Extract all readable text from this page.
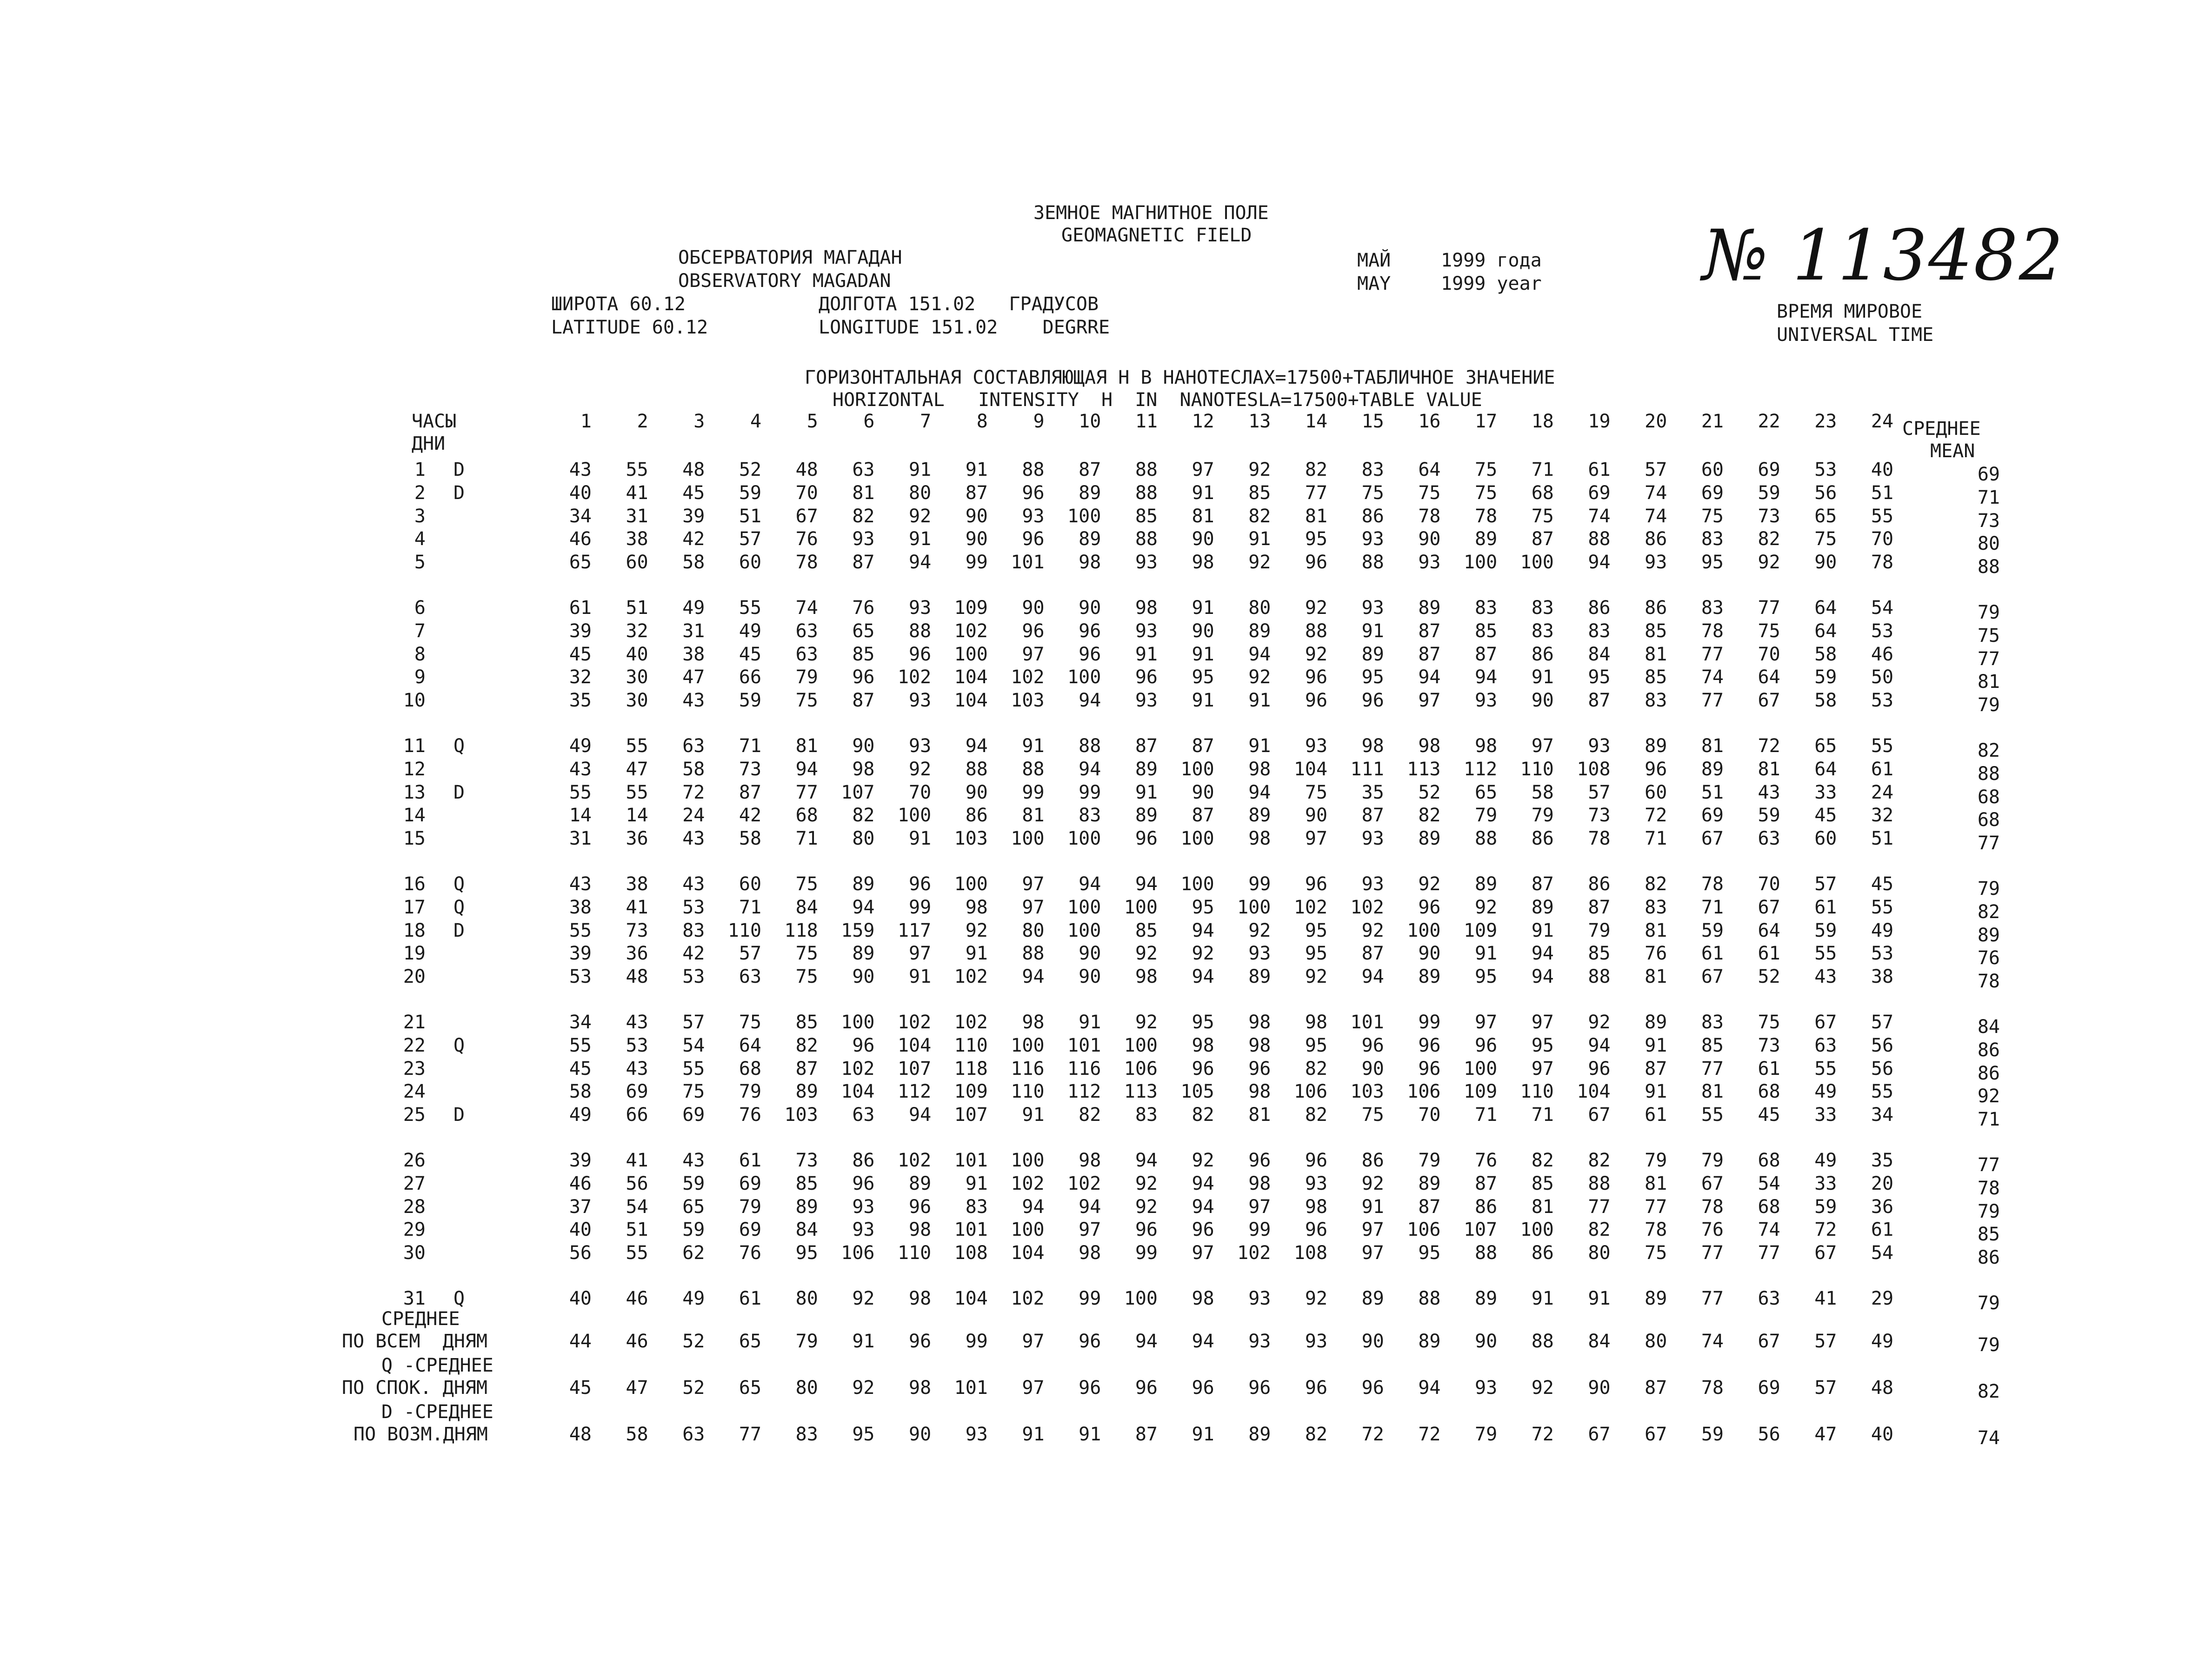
ЗЕМНОЕ МАГНИТНОЕ ПОЛЕ
GEOMAGNETIC FIELD
ОБСЕРВАТОРИЯ МАГАДАН
OBSERVATORY MAGADAN
МАЙ	1999 года
MAY	1999 year № 113482
ШИРОТА 60.12	ДОЛГОТА 151.02   ГРАДУСОВ
LATITUDE 60.12	LONGITUDE 151.02    DEGRRE
ВРЕМЯ МИРОВОЕ
UNIVERSAL TIME
ГОРИЗОНТАЛЬНАЯ СОСТАВЛЯЮЩАЯ H В НАНОТЕСЛАХ=17500+ТАБЛИЧНОЕ ЗНАЧЕНИЕ
HORIZONTAL   INTENSITY  H  IN  NANOTESLA=17500+TABLE VALUE
ЧАСЫ
ДНИ
СРЕДНЕЕ
MEAN
1	2	3	4	5	6	7	8	9	10	11	12	13	14	15	16	17	18	19	20	21	22	23	24
1 D	43	55	48	52	48	63	91	91	88	87	88	97	92	82	83	64	75	71	61	57	60	69	53	40	69
2 D	40	41	45	59	70	81	80	87	96	89	88	91	85	77	75	75	75	68	69	74	69	59	56	51	71
3	34	31	39	51	67	82	92	90	93	100	85	81	82	81	86	78	78	75	74	74	75	73	65	55	73
4	46	38	42	57	76	93	91	90	96	89	88	90	91	95	93	90	89	87	88	86	83	82	75	70	80
5	65	60	58	60	78	87	94	99	101	98	93	98	92	96	88	93	100	100	94	93	95	92	90	78	88
6	61	51	49	55	74	76	93	109	90	90	98	91	80	92	93	89	83	83	86	86	83	77	64	54	79
7	39	32	31	49	63	65	88	102	96	96	93	90	89	88	91	87	85	83	83	85	78	75	64	53	75
8	45	40	38	45	63	85	96	100	97	96	91	91	94	92	89	87	87	86	84	81	77	70	58	46	77
9	32	30	47	66	79	96	102	104	102	100	96	95	92	96	95	94	94	91	95	85	74	64	59	50	81
10	35	30	43	59	75	87	93	104	103	94	93	91	91	96	96	97	93	90	87	83	77	67	58	53	79
11 Q	49	55	63	71	81	90	93	94	91	88	87	87	91	93	98	98	98	97	93	89	81	72	65	55	82
12	43	47	58	73	94	98	92	88	88	94	89	100	98	104	111	113	112	110	108	96	89	81	64	61	88
13 D	55	55	72	87	77	107	70	90	99	99	91	90	94	75	35	52	65	58	57	60	51	43	33	24	68
14	14	14	24	42	68	82	100	86	81	83	89	87	89	90	87	82	79	79	73	72	69	59	45	32	68
15	31	36	43	58	71	80	91	103	100	100	96	100	98	97	93	89	88	86	78	71	67	63	60	51	77
16 Q	43	38	43	60	75	89	96	100	97	94	94	100	99	96	93	92	89	87	86	82	78	70	57	45	79
17 Q	38	41	53	71	84	94	99	98	97	100	100	95	100	102	102	96	92	89	87	83	71	67	61	55	82
18 D	55	73	83	110	118	159	117	92	80	100	85	94	92	95	92	100	109	91	79	81	59	64	59	49	89
19	39	36	42	57	75	89	97	91	88	90	92	92	93	95	87	90	91	94	85	76	61	61	55	53	76
20	53	48	53	63	75	90	91	102	94	90	98	94	89	92	94	89	95	94	88	81	67	52	43	38	78
21	34	43	57	75	85	100	102	102	98	91	92	95	98	98	101	99	97	97	92	89	83	75	67	57	84
22 Q	55	53	54	64	82	96	104	110	100	101	100	98	98	95	96	96	96	95	94	91	85	73	63	56	86
23	45	43	55	68	87	102	107	118	116	116	106	96	96	82	90	96	100	97	96	87	77	61	55	56	86
24	58	69	75	79	89	104	112	109	110	112	113	105	98	106	103	106	109	110	104	91	81	68	49	55	92
25 D	49	66	69	76	103	63	94	107	91	82	83	82	81	82	75	70	71	71	67	61	55	45	33	34	71
26	39	41	43	61	73	86	102	101	100	98	94	92	96	96	86	79	76	82	82	79	79	68	49	35	77
27	46	56	59	69	85	96	89	91	102	102	92	94	98	93	92	89	87	85	88	81	67	54	33	20	78
28	37	54	65	79	89	93	96	83	94	94	92	94	97	98	91	87	86	81	77	77	78	68	59	36	79
29	40	51	59	69	84	93	98	101	100	97	96	96	99	96	97	106	107	100	82	78	76	74	72	61	85
30	56	55	62	76	95	106	110	108	104	98	99	97	102	108	97	95	88	86	80	75	77	77	67	54	86
31 Q	40	46	49	61	80	92	98	104	102	99	100	98	93	92	89	88	89	91	91	89	77	63	41	29	79
СРЕДНЕЕ
ПО ВСЕМ  ДНЯМ	44	46	52	65	79	91	96	99	97	96	94	94	93	93	90	89	90	88	84	80	74	67	57	49	79
Q -СРЕДНЕЕ
ПО СПОК. ДНЯМ	45	47	52	65	80	92	98	101	97	96	96	96	96	96	96	94	93	92	90	87	78	69	57	48	82
D -СРЕДНЕЕ
ПО ВОЗМ.ДНЯМ	48	58	63	77	83	95	90	93	91	91	87	91	89	82	72	72	79	72	67	67	59	56	47	40	74
